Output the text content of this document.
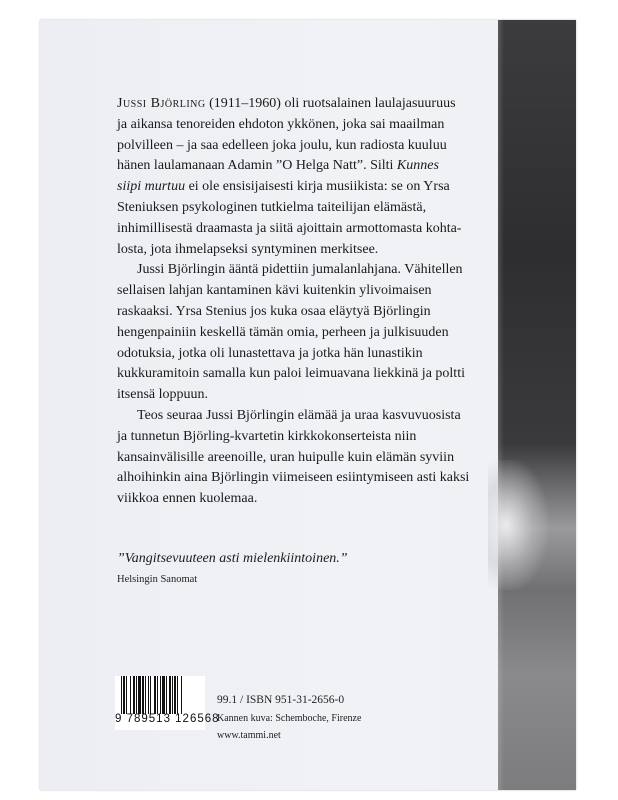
Jussi Björling (1911–1960) oli ruotsalainen laulajasuuruus
ja aikansa tenoreiden ehdoton ykkönen, joka sai maailman
polvilleen – ja saa edelleen joka joulu, kun radiosta kuuluu
hänen laulamanaan Adamin ”O Helga Natt”. Silti Kunnes
siipi murtuu ei ole ensisijaisesti kirja musiikista: se on Yrsa
Steniuksen psykologinen tutkielma taiteilijan elämästä,
inhimillisestä draamasta ja siitä ajoittain armottomasta kohta-
losta, jota ihmelapseksi syntyminen merkitsee.
Jussi Björlingin ääntä pidettiin jumalanlahjana. Vähitellen
sellaisen lahjan kantaminen kävi kuitenkin ylivoimaisen
raskaaksi. Yrsa Stenius jos kuka osaa eläytyä Björlingin
hengenpainiin keskellä tämän omia, perheen ja julkisuuden
odotuksia, jotka oli lunastettava ja jotka hän lunastikin
kukkuramitoin samalla kun paloi leimuavana liekkinä ja poltti
itsensä loppuun.
Teos seuraa Jussi Björlingin elämää ja uraa kasvuvuosista
ja tunnetun Björling-kvartetin kirkkokonserteista niin
kansainvälisille areenoille, uran huipulle kuin elämän syviin
alhoihinkin aina Björlingin viimeiseen esiintymiseen asti kaksi
viikkoa ennen kuolemaa.
”Vangitsevuuteen asti mielenkiintoinen.”
Helsingin Sanomat
9 789513 126568
99.1 / ISBN 951-31-2656-0
Kannen kuva: Schemboche, Firenze
www.tammi.net
